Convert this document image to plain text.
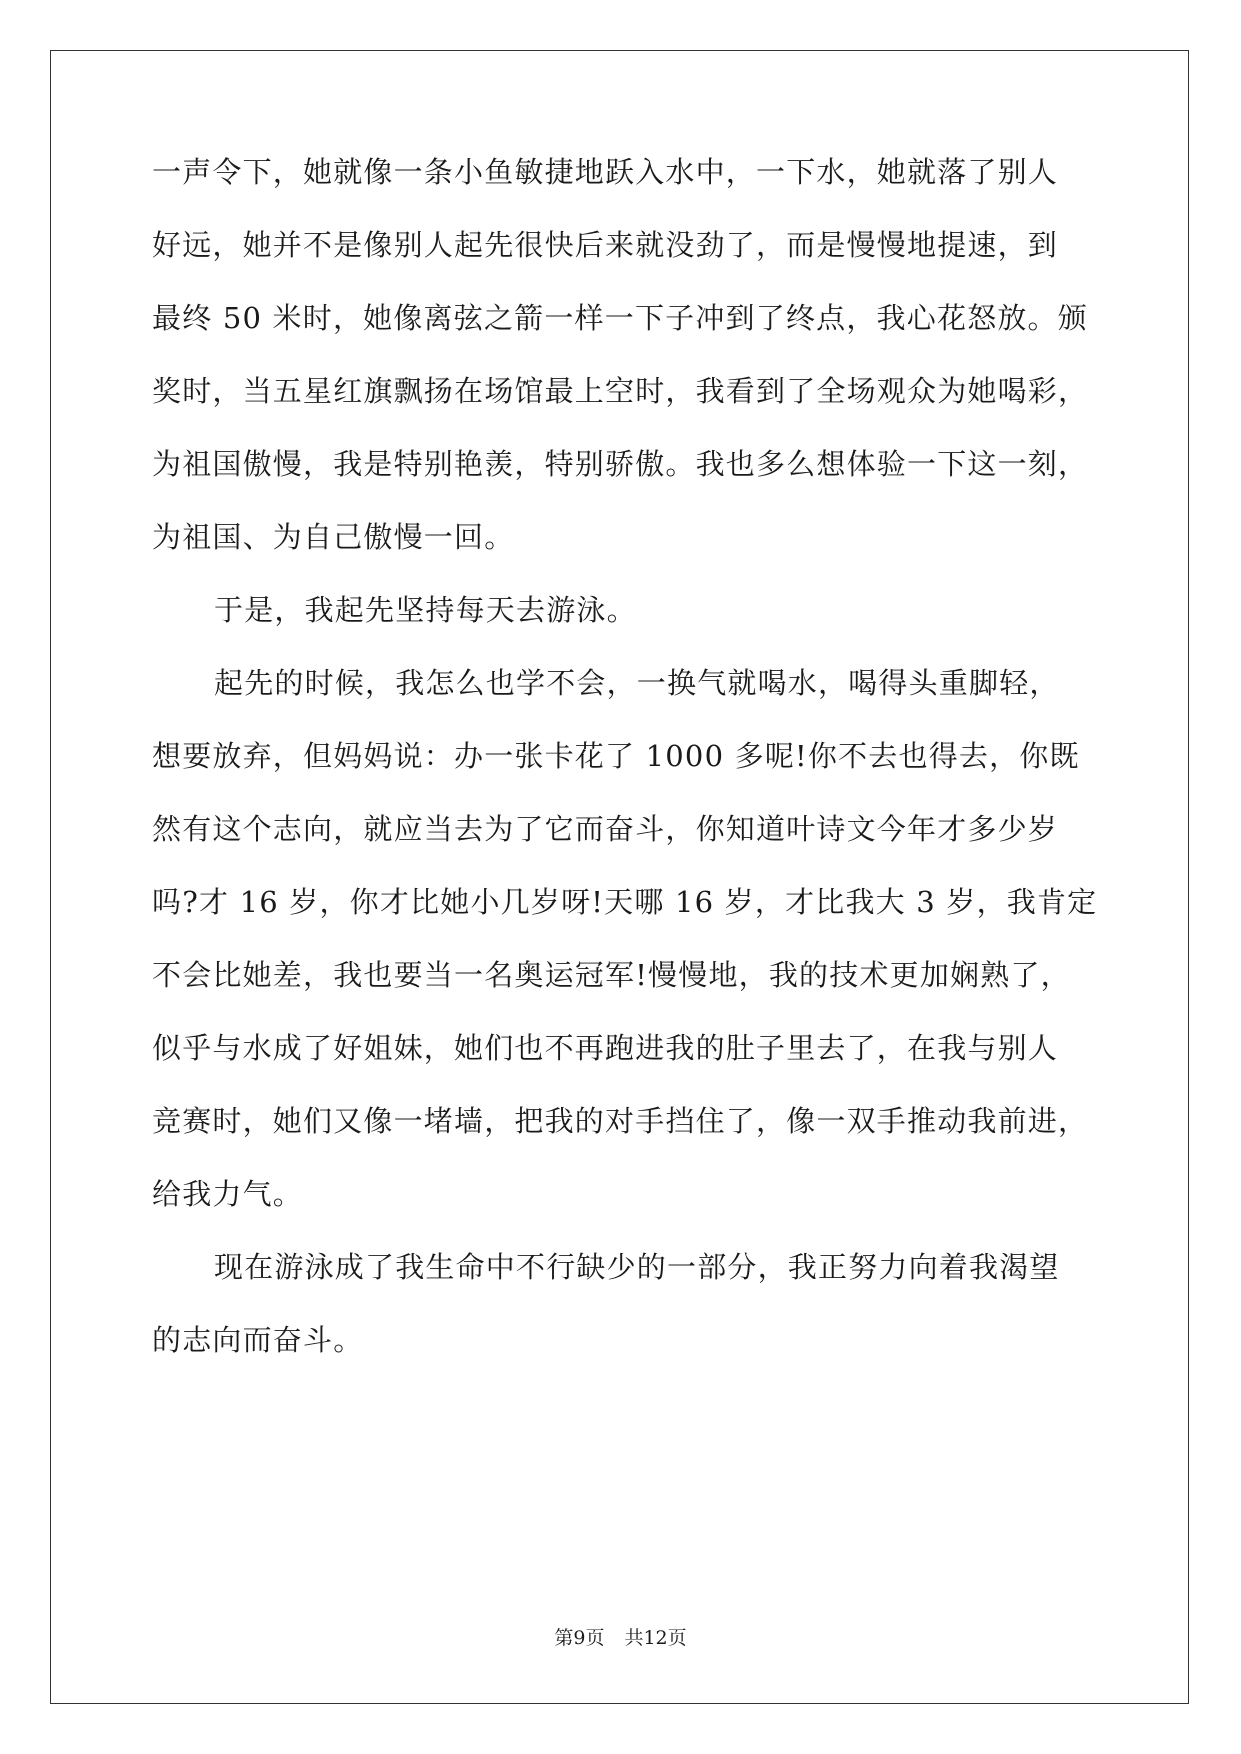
一声令下，她就像一条小鱼敏捷地跃入水中，一下水，她就落了别人
好远，她并不是像别人起先很快后来就没劲了，而是慢慢地提速，到
最终 50 米时，她像离弦之箭一样一下子冲到了终点，我心花怒放。颁
奖时，当五星红旗飘扬在场馆最上空时，我看到了全场观众为她喝彩，
为祖国傲慢，我是特别艳羡，特别骄傲。我也多么想体验一下这一刻，
为祖国、为自己傲慢一回。
于是，我起先坚持每天去游泳。
起先的时候，我怎么也学不会，一换气就喝水，喝得头重脚轻，
想要放弃，但妈妈说：办一张卡花了 1000 多呢!你不去也得去，你既
然有这个志向，就应当去为了它而奋斗，你知道叶诗文今年才多少岁
吗?才 16 岁，你才比她小几岁呀!天哪 16 岁，才比我大 3 岁，我肯定
不会比她差，我也要当一名奥运冠军!慢慢地，我的技术更加娴熟了，
似乎与水成了好姐妹，她们也不再跑进我的肚子里去了，在我与别人
竞赛时，她们又像一堵墙，把我的对手挡住了，像一双手推动我前进，
给我力气。
现在游泳成了我生命中不行缺少的一部分，我正努力向着我渴望
的志向而奋斗。
第9页 共12页
